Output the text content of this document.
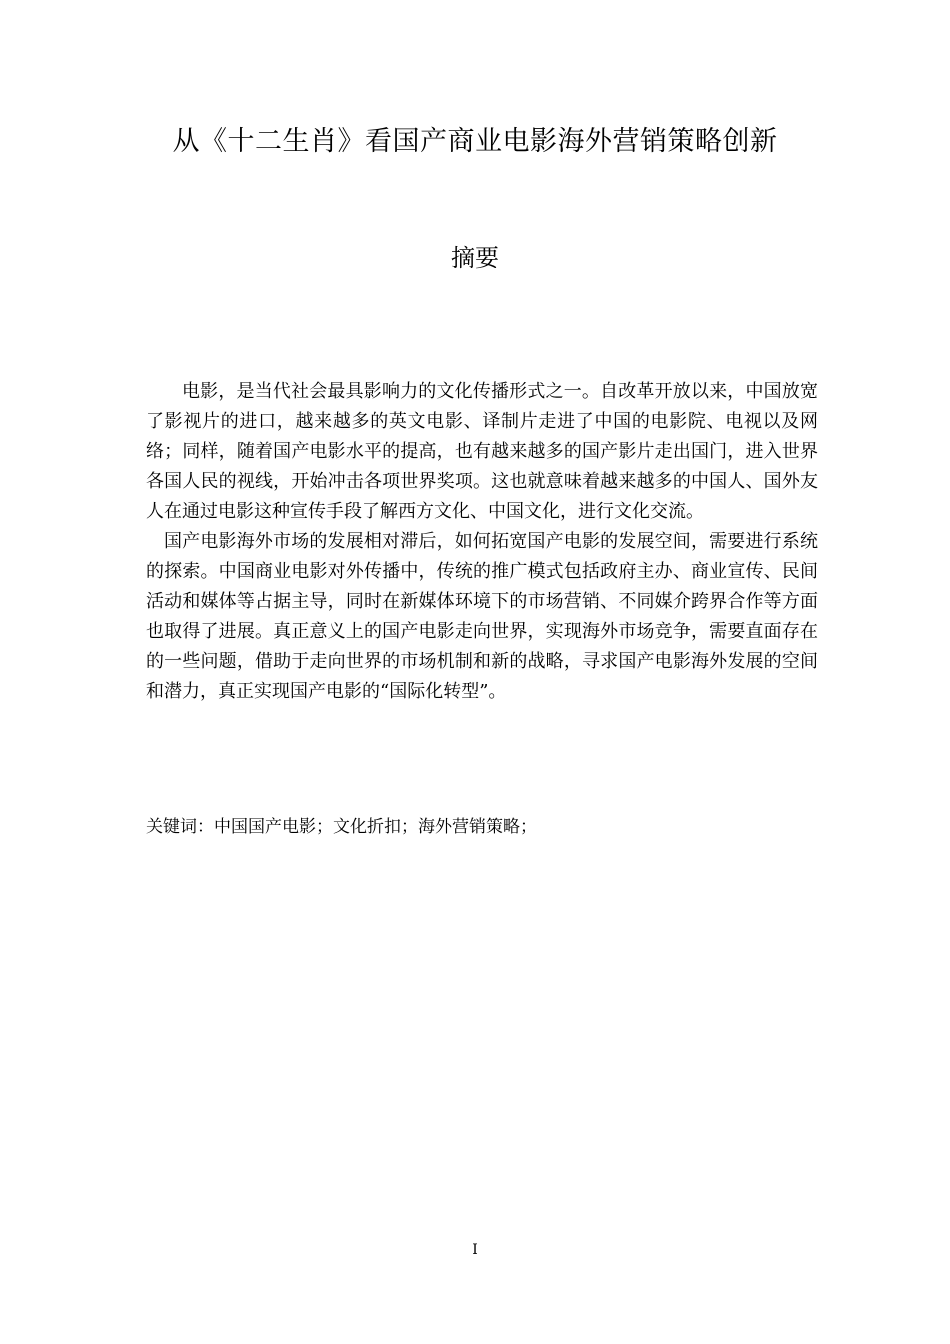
从《十二生肖》看国产商业电影海外营销策略创新
摘要

电影，是当代社会最具影响力的文化传播形式之一。自改革开放以来，中国放宽了影视片的进口，越来越多的英文电影、译制片走进了中国的电影院、电视以及网络；同样，随着国产电影水平的提高，也有越来越多的国产影片走出国门，进入世界各国人民的视线，开始冲击各项世界奖项。这也就意味着越来越多的中国人、国外友人在通过电影这种宣传手段了解西方文化、中国文化，进行文化交流。

国产电影海外市场的发展相对滞后，如何拓宽国产电影的发展空间，需要进行系统的探索。中国商业电影对外传播中，传统的推广模式包括政府主办、商业宣传、民间活动和媒体等占据主导，同时在新媒体环境下的市场营销、不同媒介跨界合作等方面也取得了进展。真正意义上的国产电影走向世界，实现海外市场竞争，需要直面存在的一些问题，借助于走向世界的市场机制和新的战略，寻求国产电影海外发展的空间和潜力，真正实现国产电影的“国际化转型”。

关键词：中国国产电影；文化折扣；海外营销策略；

I
